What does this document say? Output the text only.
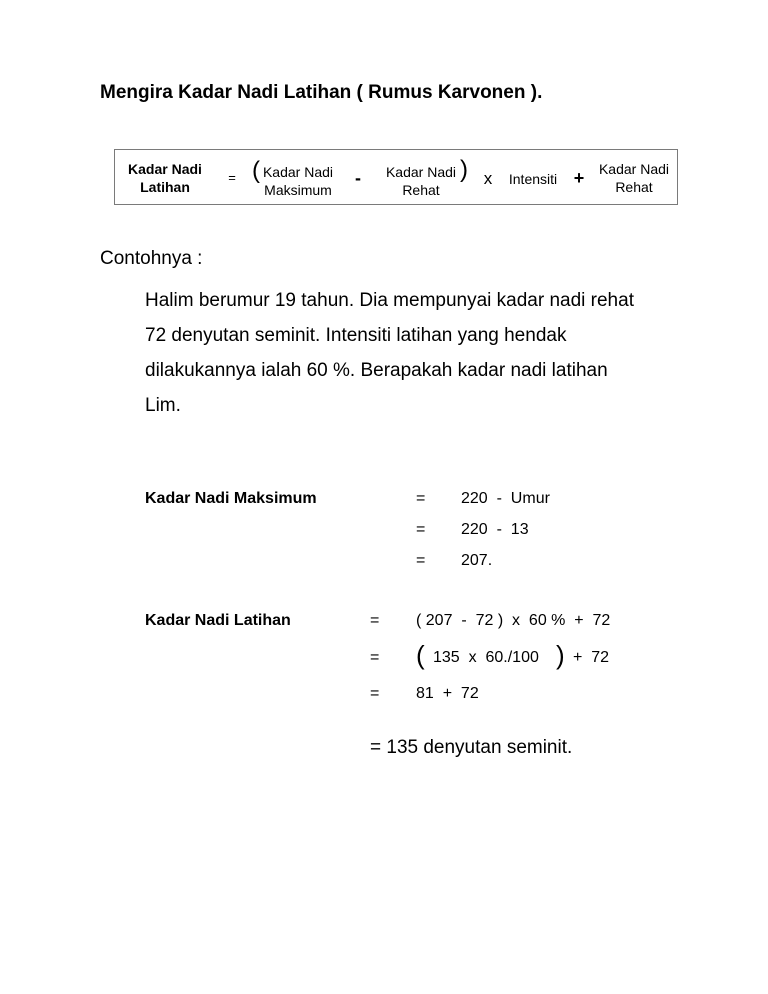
Mengira Kadar Nadi Latihan ( Rumus Karvonen ).
Kadar Nadi
Latihan
= ( Kadar Nadi
Maksimum
-	Kadar Nadi
Rehat
) x	Intensiti +	Kadar Nadi
Rehat
Contohnya :
Halim berumur 19 tahun. Dia mempunyai kadar nadi rehat
72 denyutan seminit. Intensiti latihan yang hendak
dilakukannya ialah 60 %. Berapakah kadar nadi latihan
Lim.
Kadar Nadi Maksimum	= 220  -  Umur
= 220  -  13
= 207.
Kadar Nadi Latihan	= ( 207  -  72 )  x  60 %  +  72
= ( 135  x  60./100 ) +  72
= 81  +  72
= 135 denyutan seminit.
